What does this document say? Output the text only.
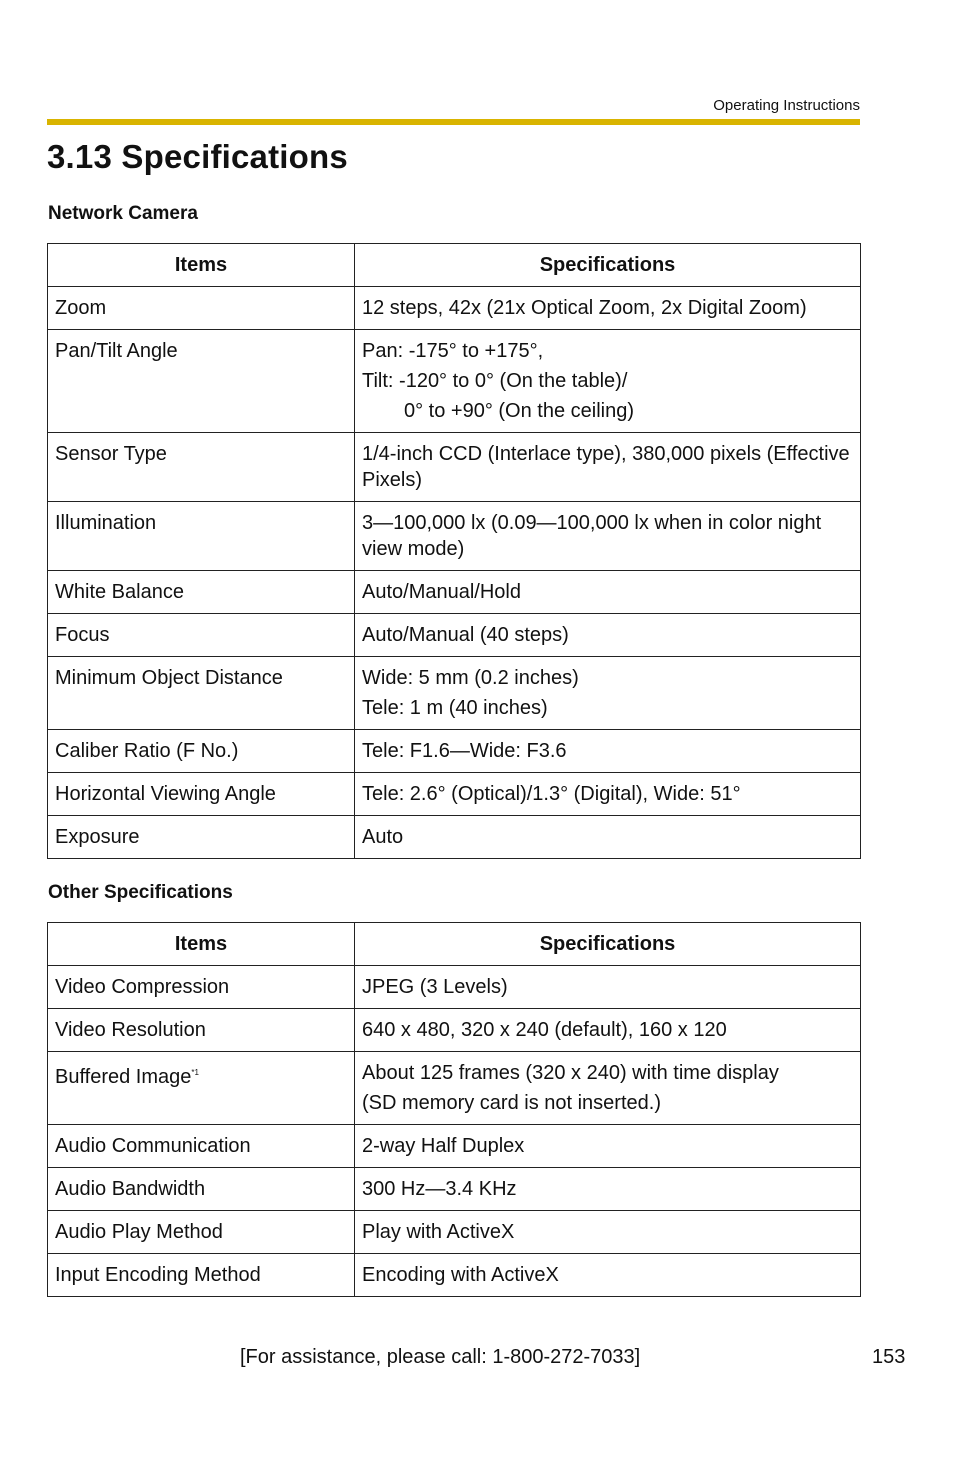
Operating Instructions
3.13 Specifications
Network Camera
Items	Specifications
Zoom	12 steps, 42x (21x Optical Zoom, 2x Digital Zoom)

Pan/Tilt Angle	Pan: -175° to +175°,
Tilt: -120° to 0° (On the table)/
0° to +90° (On the ceiling)

Sensor Type	1/4-inch CCD (Interlace type), 380,000 pixels (Effective Pixels)

Illumination	3—100,000 lx (0.09—100,000 lx when in color night view mode)

White Balance	Auto/Manual/Hold

Focus	Auto/Manual (40 steps)

Minimum Object Distance	Wide: 5 mm (0.2 inches)
Tele: 1 m (40 inches)

Caliber Ratio (F No.)	Tele: F1.6—Wide: F3.6

Horizontal Viewing Angle	Tele: 2.6° (Optical)/1.3° (Digital), Wide: 51°

Exposure	Auto
Other Specifications
Items	Specifications
Video Compression	JPEG (3 Levels)

Video Resolution	640 x 480, 320 x 240 (default), 160 x 120

Buffered Image$^{*1}$	About 125 frames (320 x 240) with time display
(SD memory card is not inserted.)

Audio Communication	2-way Half Duplex

Audio Bandwidth	300 Hz—3.4 KHz

Audio Play Method	Play with ActiveX

Input Encoding Method	Encoding with ActiveX
[For assistance, please call: 1-800-272-7033]	153
